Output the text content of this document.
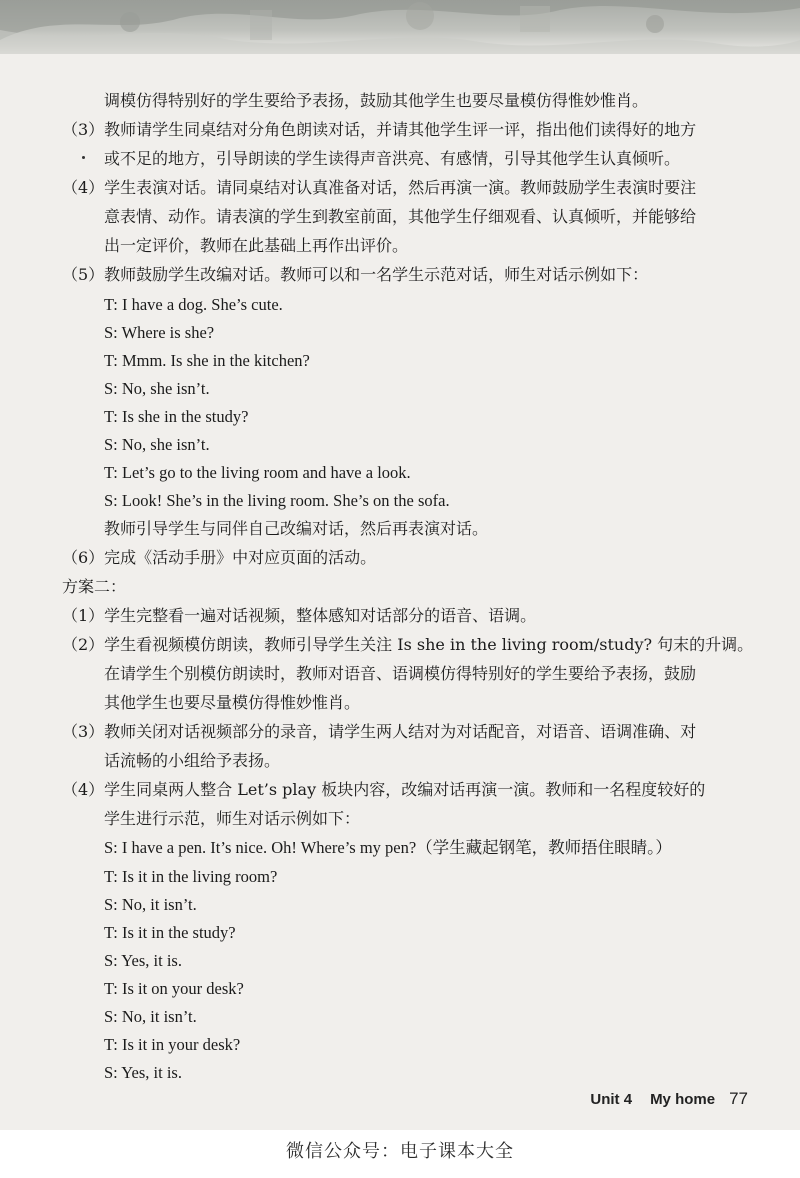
调模仿得特别好的学生要给予表扬，鼓励其他学生也要尽量模仿得惟妙惟肖。
（3）教师请学生同桌结对分角色朗读对话，并请其他学生评一评，指出他们读得好的地方
或不足的地方，引导朗读的学生读得声音洪亮、有感情，引导其他学生认真倾听。
（4）学生表演对话。请同桌结对认真准备对话，然后再演一演。教师鼓励学生表演时要注
意表情、动作。请表演的学生到教室前面，其他学生仔细观看、认真倾听，并能够给
出一定评价，教师在此基础上再作出评价。
（5）教师鼓励学生改编对话。教师可以和一名学生示范对话，师生对话示例如下：
T: I have a dog. She’s cute.
S: Where is she?
T: Mmm. Is she in the kitchen?
S: No, she isn’t.
T: Is she in the study?
S: No, she isn’t.
T: Let’s go to the living room and have a look.
S: Look! She’s in the living room. She’s on the sofa.
教师引导学生与同伴自己改编对话，然后再表演对话。
（6）完成《活动手册》中对应页面的活动。
方案二：
（1）学生完整看一遍对话视频，整体感知对话部分的语音、语调。
（2）学生看视频模仿朗读，教师引导学生关注 Is she in the living room/study? 句末的升调。
在请学生个别模仿朗读时，教师对语音、语调模仿得特别好的学生要给予表扬，鼓励
其他学生也要尽量模仿得惟妙惟肖。
（3）教师关闭对话视频部分的录音，请学生两人结对为对话配音，对语音、语调准确、对
话流畅的小组给予表扬。
（4）学生同桌两人整合 Let’s play 板块内容，改编对话再演一演。教师和一名程度较好的
学生进行示范，师生对话示例如下：
S: I have a pen. It’s nice. Oh! Where’s my pen?（学生藏起钢笔，教师捂住眼睛。）
T: Is it in the living room?
S: No, it isn’t.
T: Is it in the study?
S: Yes, it is.
T: Is it on your desk?
S: No, it isn’t.
T: Is it in your desk?
S: Yes, it is.
Unit 4 My home 77
微信公众号：电子课本大全
